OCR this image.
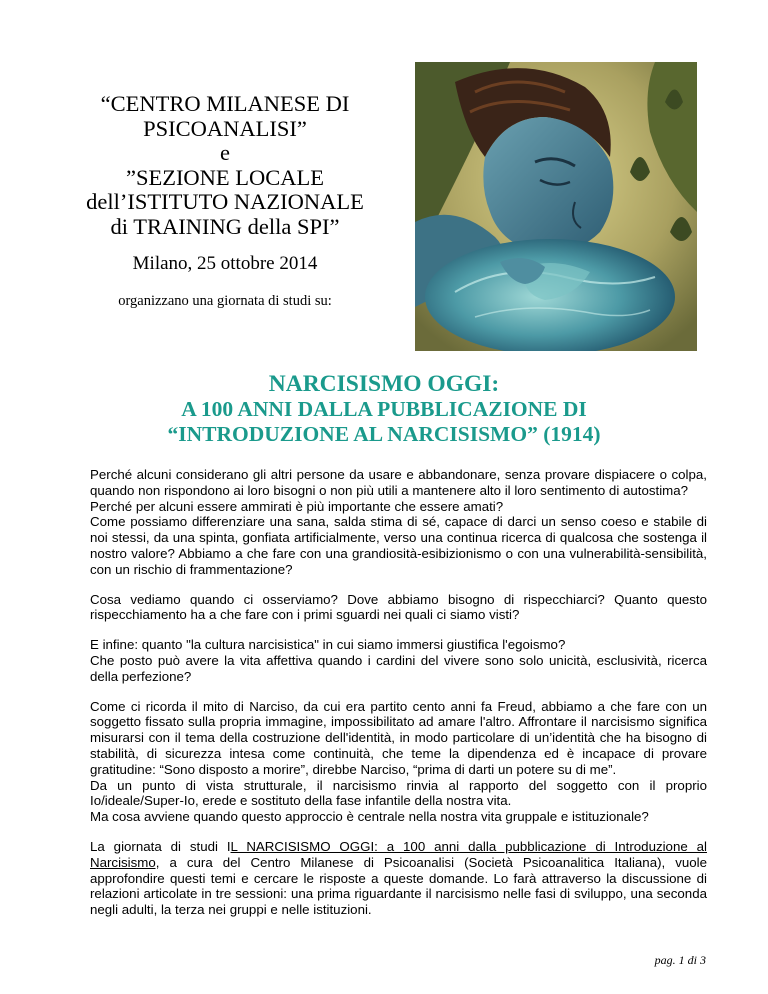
“CENTRO MILANESE DI
PSICOANALISI”
e
”SEZIONE LOCALE
dell’ISTITUTO NAZIONALE
di TRAINING della SPI”
Milano, 25 ottobre 2014
organizzano una giornata di studi su:
NARCISISMO OGGI:
A 100 ANNI DALLA PUBBLICAZIONE DI
“INTRODUZIONE AL NARCISISMO” (1914)

Perché alcuni considerano gli altri persone da usare e abbandonare, senza provare dispiacere o colpa, quando non rispondono ai loro bisogni o non più utili a mantenere alto il loro sentimento di autostima?
Perché per alcuni essere ammirati è più importante che essere amati?
Come possiamo differenziare una sana, salda stima di sé, capace di darci un senso coeso e stabile di noi stessi, da una spinta, gonfiata artificialmente, verso una continua ricerca di qualcosa che sostenga il nostro valore? Abbiamo a che fare con una grandiosità-esibizionismo o con una vulnerabilità-sensibilità, con un rischio di frammentazione?

Cosa vediamo quando ci osserviamo? Dove abbiamo bisogno di rispecchiarci? Quanto questo rispecchiamento ha a che fare con i primi sguardi nei quali ci siamo visti?

E infine: quanto "la cultura narcisistica" in cui siamo immersi giustifica l'egoismo?
Che posto può avere la vita affettiva quando i cardini del vivere sono solo unicità, esclusività, ricerca della perfezione?

Come ci ricorda il mito di Narciso, da cui era partito cento anni fa Freud, abbiamo a che fare con un soggetto fissato sulla propria immagine, impossibilitato ad amare l'altro. Affrontare il narcisismo significa misurarsi con il tema della costruzione dell'identità, in modo particolare di un’identità che ha bisogno di stabilità, di sicurezza intesa come continuità, che teme la dipendenza ed è incapace di provare gratitudine: “Sono disposto a morire”, direbbe Narciso, “prima di darti un potere su di me”.
Da un punto di vista strutturale, il narcisismo rinvia al rapporto del soggetto con il proprio Io/ideale/Super-Io, erede e sostituto della fase infantile della nostra vita.
Ma cosa avviene quando questo approccio è centrale nella nostra vita gruppale e istituzionale?

La giornata di studi IL NARCISISMO OGGI: a 100 anni dalla pubblicazione di Introduzione al Narcisismo, a cura del Centro Milanese di Psicoanalisi (Società Psicoanalitica Italiana), vuole approfondire questi temi e cercare le risposte a queste domande. Lo farà attraverso la discussione di relazioni articolate in tre sessioni: una prima riguardante il narcisismo nelle fasi di sviluppo, una seconda negli adulti, la terza nei gruppi e nelle istituzioni.

pag. 1 di 3
